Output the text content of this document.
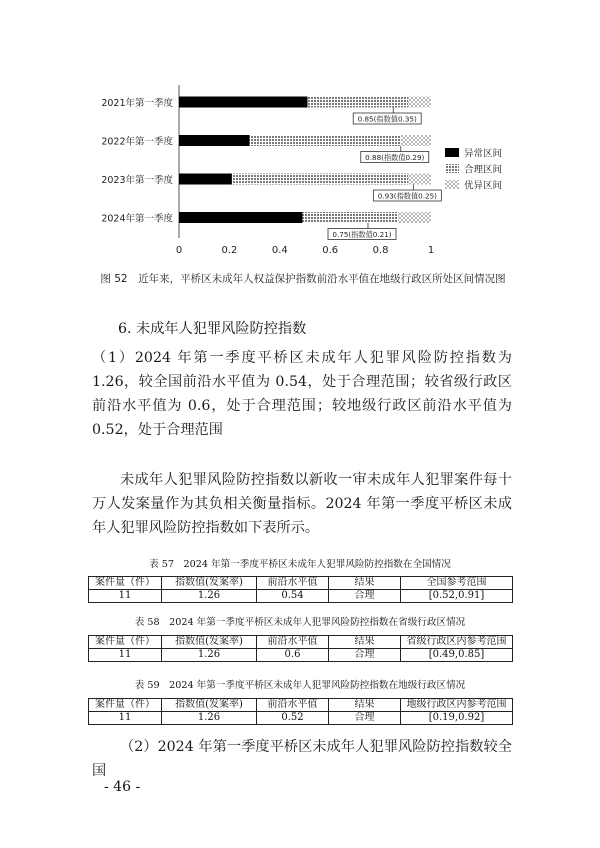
2021年第一季度
0.85(指数值0.35)
2022年第一季度
0.88(指数值0.29)
2023年第一季度
0.93(指数值0.25)
2024年第一季度
0.75(指数值0.21)
0	0.2	0.4	0.6	0.8	1
异常区间
合理区间
优异区间
图 52　近年来，平桥区未成年人权益保护指数前沿水平值在地级行政区所处区间情况图
6. 未成年人犯罪风险防控指数
（1）2024 年第一季度平桥区未成年人犯罪风险防控指数为 1.26，较全国前沿水平值为 0.54，处于合理范围；较省级行政区前沿水平值为 0.6，处于合理范围；较地级行政区前沿水平值为 0.52，处于合理范围
未成年人犯罪风险防控指数以新收一审未成年人犯罪案件每十万人发案量作为其负相关衡量指标。2024 年第一季度平桥区未成年人犯罪风险防控指数如下表所示。
表 57　2024 年第一季度平桥区未成年人犯罪风险防控指数在全国情况
案件量（件）	指数值(发案率)	前沿水平值	结果	全国参考范围
11	1.26	0.54	合理	[0.52,0.91]
表 58　2024 年第一季度平桥区未成年人犯罪风险防控指数在省级行政区情况
案件量（件）	指数值(发案率)	前沿水平值	结果	省级行政区内参考范围
11	1.26	0.6	合理	[0.49,0.85]
表 59　2024 年第一季度平桥区未成年人犯罪风险防控指数在地级行政区情况
案件量（件）	指数值(发案率)	前沿水平值	结果	地级行政区内参考范围
11	1.26	0.52	合理	[0.19,0.92]
（2）2024 年第一季度平桥区未成年人犯罪风险防控指数较全国
- 46 -
